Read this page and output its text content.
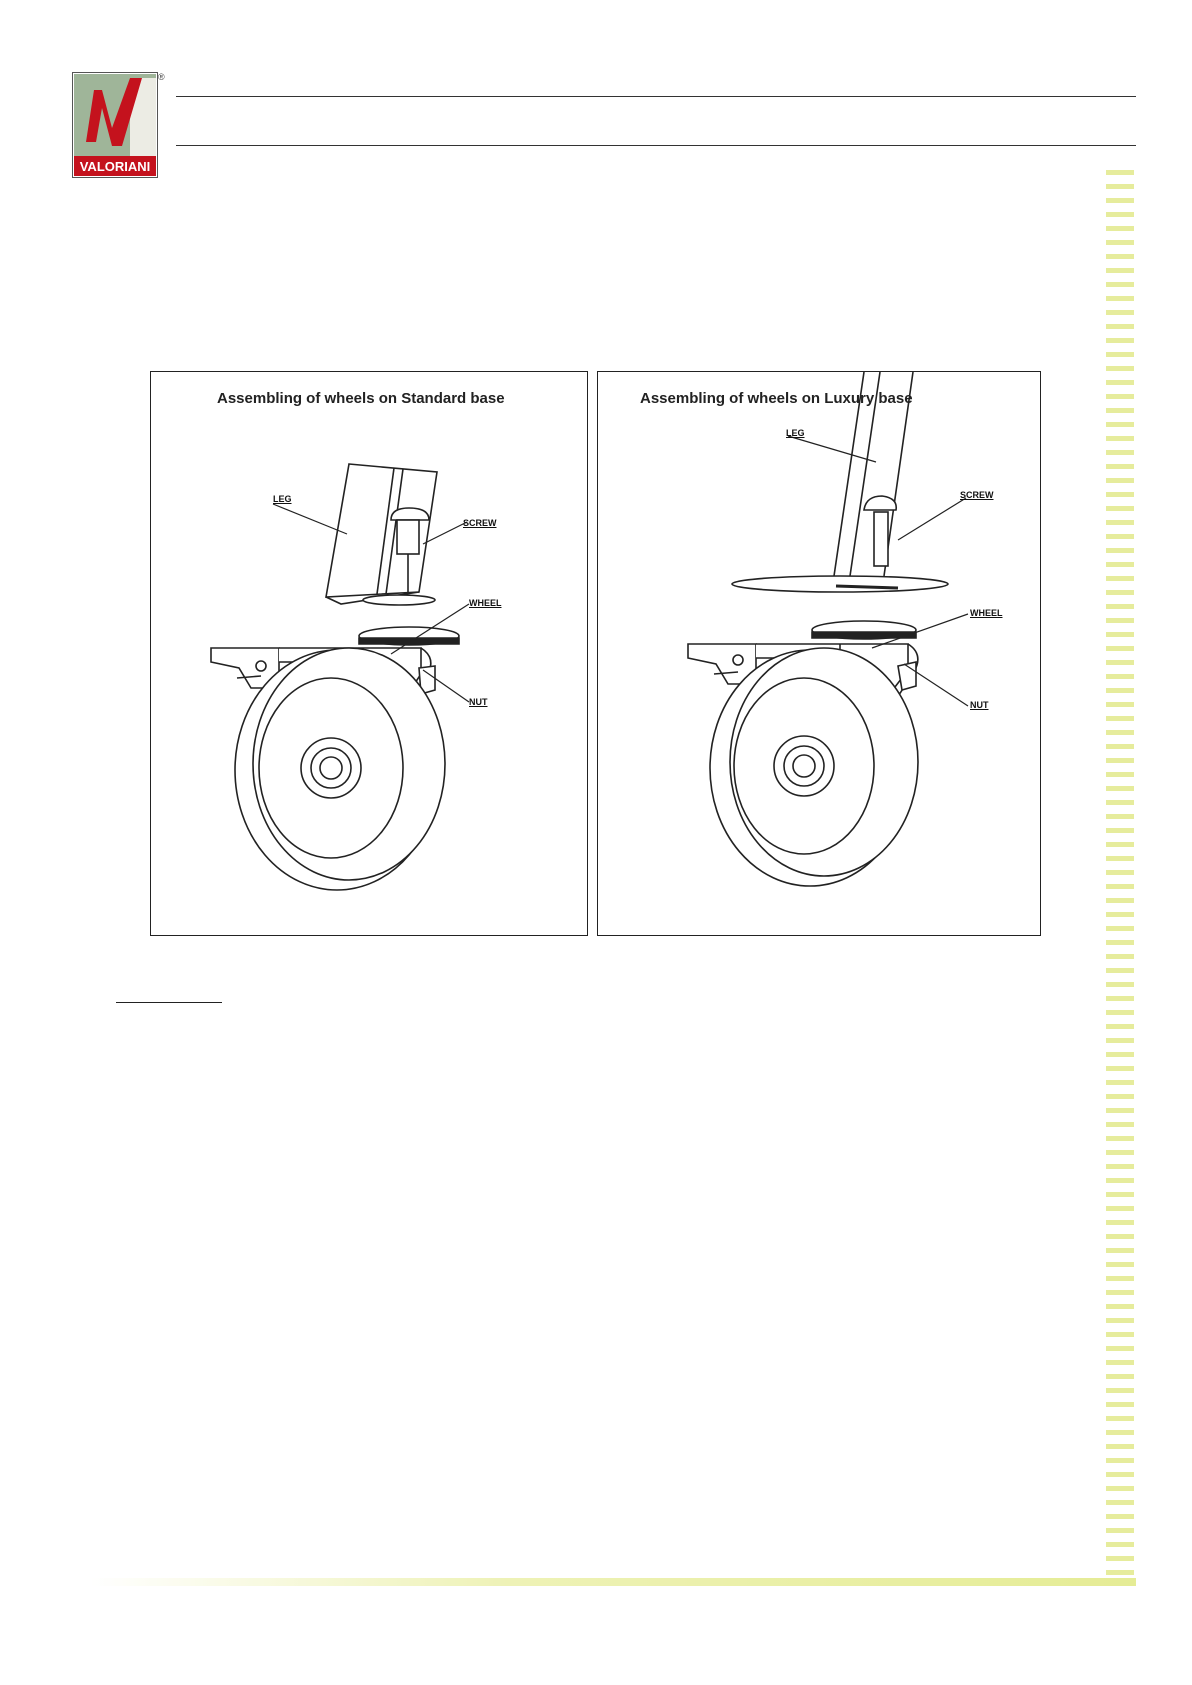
VALORIANI
®
Assembling of wheels on Standard base
LEG
SCREW
WHEEL
NUT
Assembling of wheels on Luxury base
LEG
SCREW
WHEEL
NUT
